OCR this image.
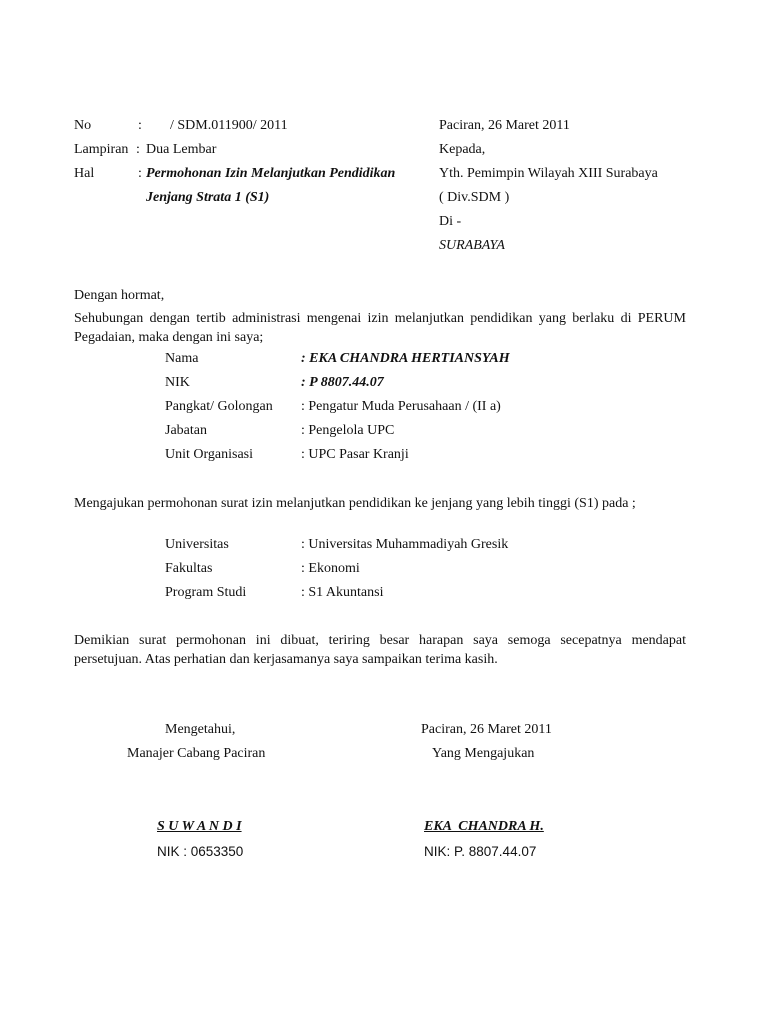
No	: / SDM.011900/ 2011
Lampiran : Dua Lembar
Hal	: Permohonan Izin Melanjutkan Pendidikan
Jenjang Strata 1 (S1)
Paciran, 26 Maret 2011
Kepada,
Yth. Pemimpin Wilayah XIII Surabaya
( Div.SDM )
Di -
SURABAYA
Dengan hormat,
Sehubungan dengan tertib administrasi mengenai izin melanjutkan pendidikan yang berlaku di PERUM Pegadaian, maka dengan ini saya;
Nama	: EKA CHANDRA HERTIANSYAH
NIK	: P 8807.44.07
Pangkat/ Golongan : Pengatur Muda Perusahaan / (II a)
Jabatan	: Pengelola UPC
Unit Organisasi	: UPC Pasar Kranji
Mengajukan permohonan surat izin melanjutkan pendidikan ke jenjang yang lebih tinggi (S1) pada ;
Universitas	: Universitas Muhammadiyah Gresik
Fakultas	: Ekonomi
Program Studi	: S1 Akuntansi
Demikian surat permohonan ini dibuat, teriring besar harapan saya semoga secepatnya mendapat persetujuan. Atas perhatian dan kerjasamanya saya sampaikan terima kasih.
Mengetahui,
Manajer Cabang Paciran
S U W A N D I
NIK : 0653350
Paciran, 26 Maret 2011
Yang Mengajukan
EKA  CHANDRA H.
NIK: P. 8807.44.07
